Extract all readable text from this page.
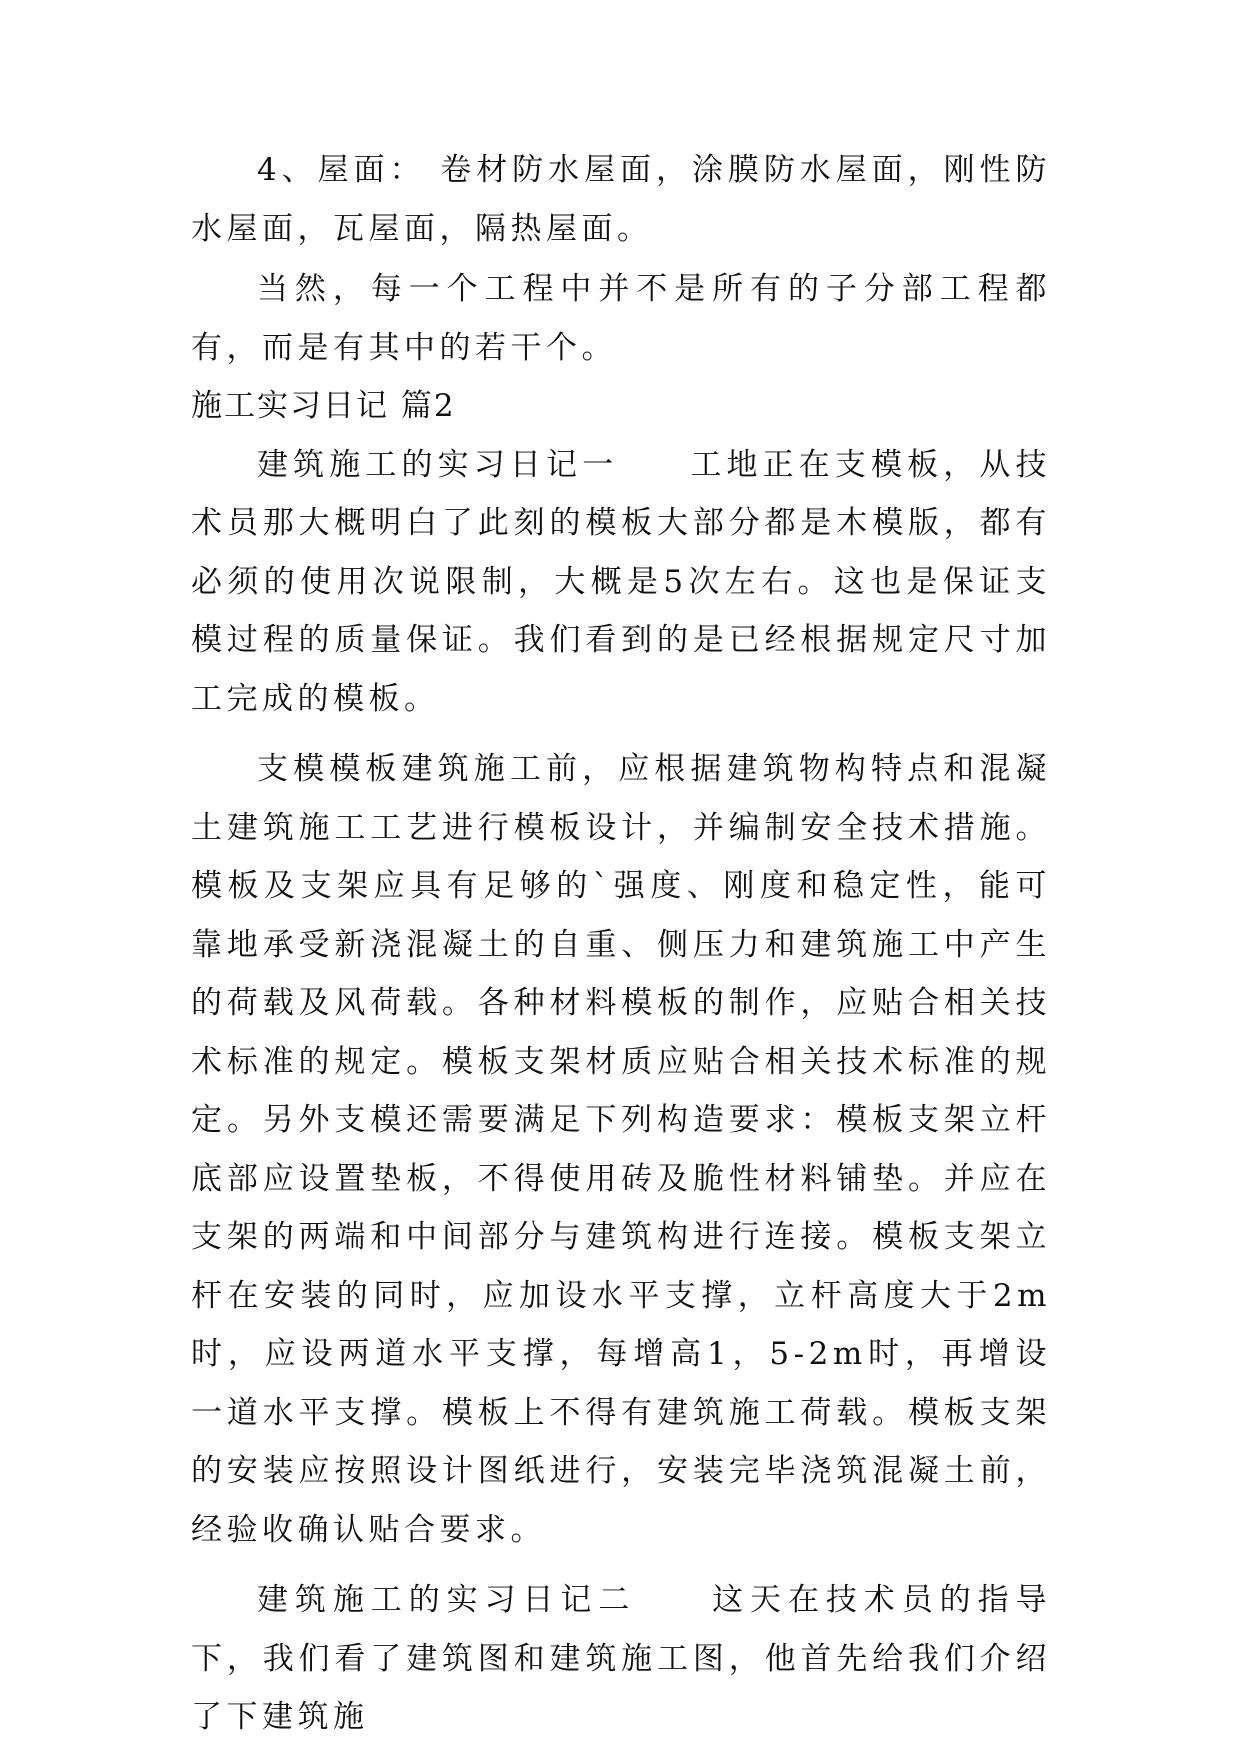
4、屋面： 卷材防水屋面，涂膜防水屋面，刚性防水屋面，瓦屋面，隔热屋面。

当然，每一个工程中并不是所有的子分部工程都有，而是有其中的若干个。

施工实习日记 篇2

建筑施工的实习日记一　　工地正在支模板，从技术员那大概明白了此刻的模板大部分都是木模版，都有必须的使用次说限制，大概是5次左右。这也是保证支模过程的质量保证。我们看到的是已经根据规定尺寸加工完成的模板。

支模模板建筑施工前，应根据建筑物构特点和混凝土建筑施工工艺进行模板设计，并编制安全技术措施。模板及支架应具有足够的`强度、刚度和稳定性，能可靠地承受新浇混凝土的自重、侧压力和建筑施工中产生的荷载及风荷载。各种材料模板的制作，应贴合相关技术标准的规定。模板支架材质应贴合相关技术标准的规定。另外支模还需要满足下列构造要求：模板支架立杆底部应设置垫板，不得使用砖及脆性材料铺垫。并应在支架的两端和中间部分与建筑构进行连接。模板支架立杆在安装的同时，应加设水平支撑，立杆高度大于2m时，应设两道水平支撑，每增高1，5-2m时，再增设一道水平支撑。模板上不得有建筑施工荷载。模板支架的安装应按照设计图纸进行，安装完毕浇筑混凝土前，经验收确认贴合要求。

建筑施工的实习日记二　　这天在技术员的指导下，我们看了建筑图和建筑施工图，他首先给我们介绍了下建筑施
